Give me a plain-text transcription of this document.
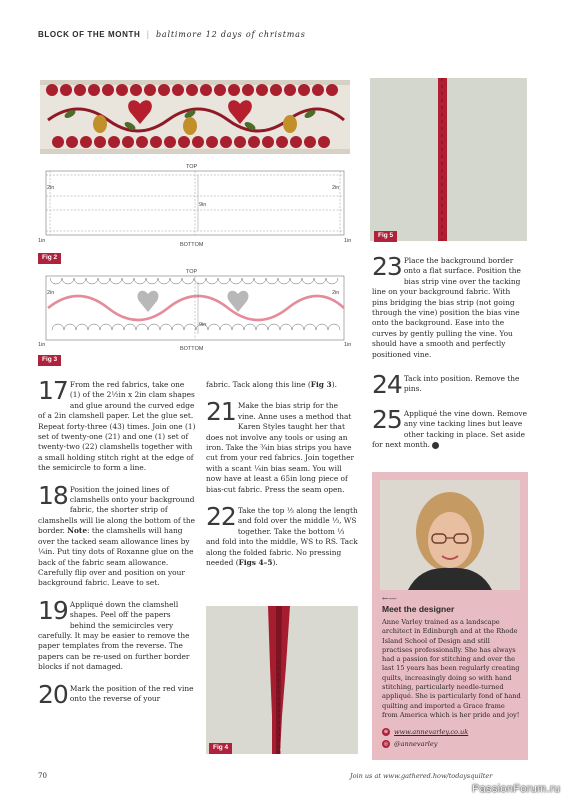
BLOCK OF THE MONTH | baltimore 12 days of christmas
TOP
2in	2in
9in
1in	1in
BOTTOM
Fig 2
TOP
2in	2in
9in
1in	1in
BOTTOM
Fig 3
Fig 5
17 From the red fabrics, take one (1) of the 2½in x 2in clam shapes and glue around the curved edge of a 2in clamshell paper. Let the glue set. Repeat forty-three (43) times. Join one (1) set of twenty-one (21) and one (1) set of twenty-two (22) clamshells together with a small holding stitch right at the edge of the semicircle to form a line.

18 Position the joined lines of clamshells onto your background fabric, the shorter strip of clamshells will lie along the bottom of the border. Note: the clamshells will hang over the tacked seam allowance lines by ¼in. Put tiny dots of Roxanne glue on the back of the fabric seam allowance. Carefully flip over and position on your background fabric. Leave to set.

19 Appliqué down the clamshell shapes. Peel off the papers behind the semicircles very carefully. It may be easier to remove the paper templates from the reverse. The papers can be re-used on further border blocks if not damaged.

20 Mark the position of the red vine onto the reverse of your

fabric. Tack along this line (Fig 3).

21 Make the bias strip for the vine. Anne uses a method that Karen Styles taught her that does not involve any tools or using an iron. Take the ¾in bias strips you have cut from your red fabrics. Join together with a scant ¼in bias seam. You will now have at least a 65in long piece of bias-cut fabric. Press the seam open.

22 Take the top ⅓ along the length and fold over the middle ⅓, WS together. Take the bottom ⅓ and fold into the middle, WS to RS. Tack along the folded fabric. No pressing needed (Figs 4–5).

Fig 4
23 Place the background border onto a flat surface. Position the bias strip vine over the tacking line on your background fabric. With pins bridging the bias strip (not going through the vine) position the bias vine onto the background. Ease into the curves by gently pulling the vine. You should have a smooth and perfectly positioned vine.

24 Tack into position. Remove the pins.

25 Appliqué the vine down. Remove any vine tacking lines but leave other tacking in place. Set aside for next month.

←—
Meet the designer
Anne Varley trained as a landscape architect in Edinburgh and at the Rhode Island School of Design and still practises professionally. She has always had a passion for stitching and over the last 15 years has been regularly creating quilts, increasingly doing so with hand stitching, particularly needle-turned appliqué. She is particularly fond of hand quilting and imported a Grace frame from America which is her pride and joy!
⊕ www.annevarley.co.uk
◎ @annevarley
70	Join us at www.gathered.how/todaysquilter
PassionForum.ru
